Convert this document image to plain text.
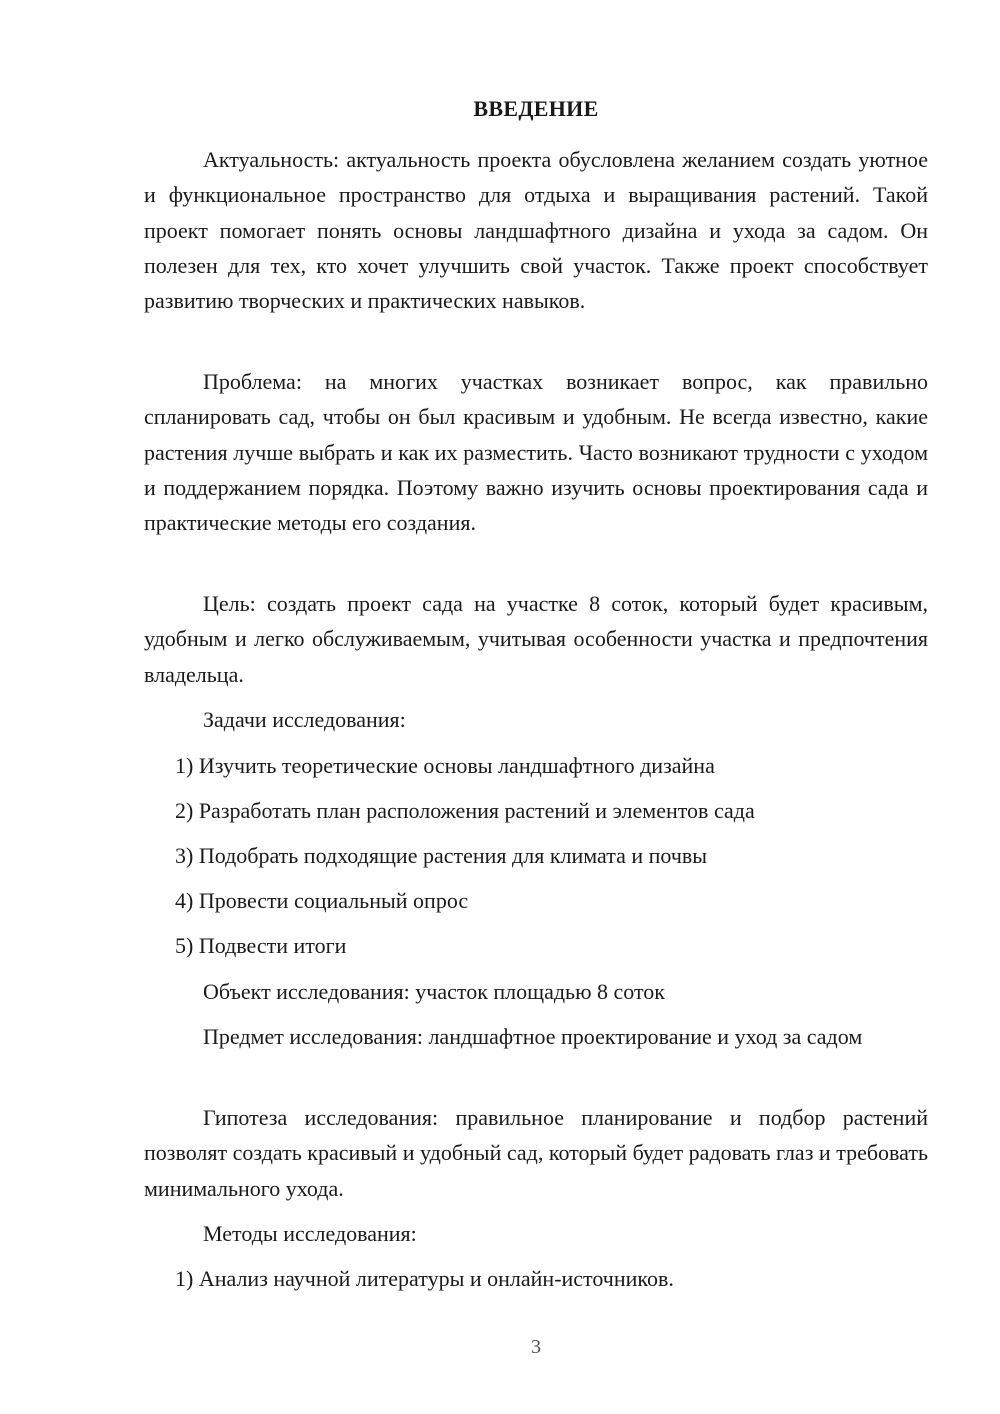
ВВЕДЕНИЕ

Актуальность: актуальность проекта обусловлена желанием создать уютное и функциональное пространство для отдыха и выращивания растений. Такой проект помогает понять основы ландшафтного дизайна и ухода за садом. Он полезен для тех, кто хочет улучшить свой участок. Также проект способствует развитию творческих и практических навыков.

Проблема: на многих участках возникает вопрос, как правильно спланировать сад, чтобы он был красивым и удобным. Не всегда известно, какие растения лучше выбрать и как их разместить. Часто возникают трудности с уходом и поддержанием порядка. Поэтому важно изучить основы проектирования сада и практические методы его создания.

Цель: создать проект сада на участке 8 соток, который будет красивым, удобным и легко обслуживаемым, учитывая особенности участка и предпочтения владельца.

Задачи исследования:

1) Изучить теоретические основы ландшафтного дизайна

2) Разработать план расположения растений и элементов сада

3) Подобрать подходящие растения для климата и почвы

4) Провести социальный опрос

5) Подвести итоги

Объект исследования: участок площадью 8 соток

Предмет исследования: ландшафтное проектирование и уход за садом

Гипотеза исследования: правильное планирование и подбор растений позволят создать красивый и удобный сад, который будет радовать глаз и требовать минимального ухода.

Методы исследования:

1) Анализ научной литературы и онлайн-источников.

3
